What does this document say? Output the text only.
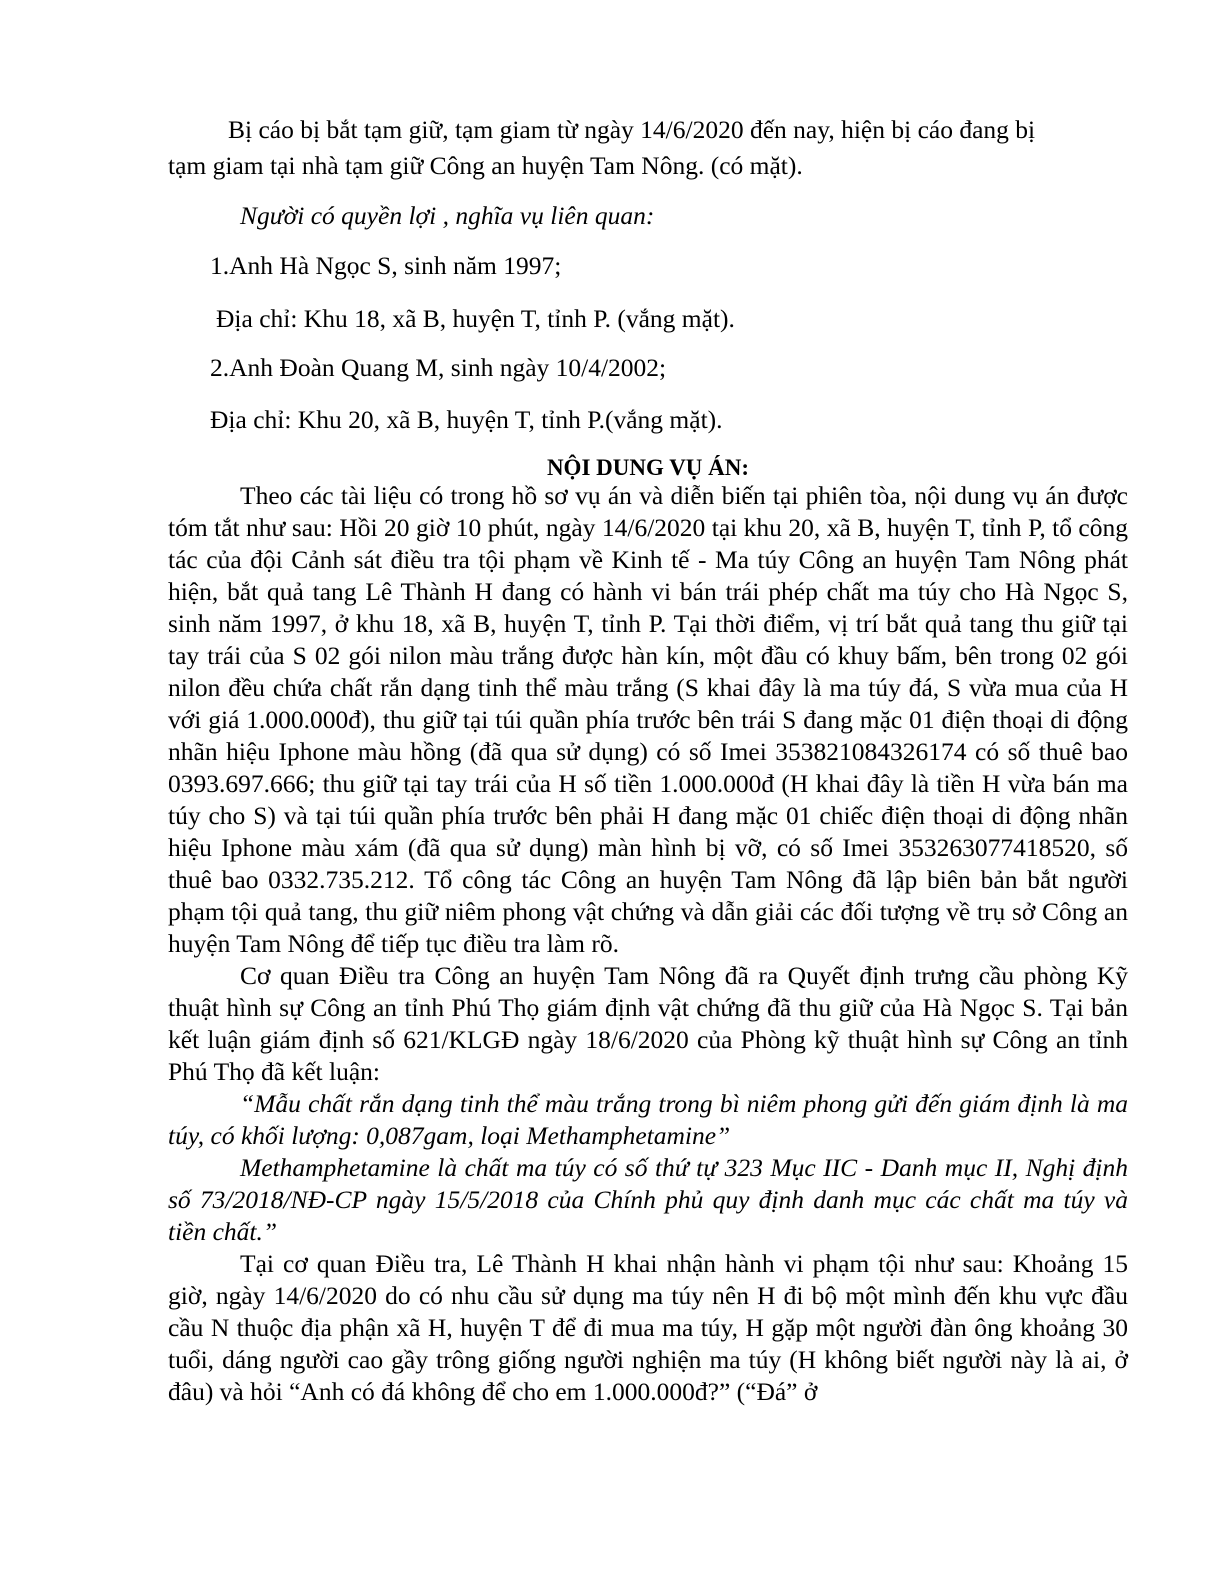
Bị cáo bị bắt tạm giữ, tạm giam từ ngày 14/6/2020 đến nay, hiện bị cáo đang bị
tạm giam tại nhà tạm giữ Công an huyện Tam Nông. (có mặt).
Người có quyền lợi , nghĩa vụ liên quan:
1.Anh Hà Ngọc S, sinh năm 1997;
Địa chỉ: Khu 18, xã B, huyện T, tỉnh P. (vắng mặt).
2.Anh Đoàn Quang M, sinh ngày 10/4/2002;
Địa chỉ: Khu 20, xã B, huyện T, tỉnh P.(vắng mặt).
NỘI DUNG VỤ ÁN:

Theo các tài liệu có trong hồ sơ vụ án và diễn biến tại phiên tòa, nội dung vụ án được tóm tắt như sau: Hồi 20 giờ 10 phút, ngày 14/6/2020 tại khu 20, xã B, huyện T, tỉnh P, tổ công tác của đội Cảnh sát điều tra tội phạm về Kinh tế - Ma túy Công an huyện Tam Nông phát hiện, bắt quả tang Lê Thành H đang có hành vi bán trái phép chất ma túy cho Hà Ngọc S, sinh năm 1997, ở khu 18, xã B, huyện T, tỉnh P. Tại thời điểm, vị trí bắt quả tang thu giữ tại tay trái của S 02 gói nilon màu trắng được hàn kín, một đầu có khuy bấm, bên trong 02 gói nilon đều chứa chất rắn dạng tinh thể màu trắng (S khai đây là ma túy đá, S vừa mua của H với giá 1.000.000đ), thu giữ tại túi quần phía trước bên trái S đang mặc 01 điện thoại di động nhãn hiệu Iphone màu hồng (đã qua sử dụng) có số Imei 353821084326174 có số thuê bao 0393.697.666; thu giữ tại tay trái của H số tiền 1.000.000đ (H khai đây là tiền H vừa bán ma túy cho S) và tại túi quần phía trước bên phải H đang mặc 01 chiếc điện thoại di động nhãn hiệu Iphone màu xám (đã qua sử dụng) màn hình bị vỡ, có số Imei 353263077418520, số thuê bao 0332.735.212. Tổ công tác Công an huyện Tam Nông đã lập biên bản bắt người phạm tội quả tang, thu giữ niêm phong vật chứng và dẫn giải các đối tượng về trụ sở Công an huyện Tam Nông để tiếp tục điều tra làm rõ.

Cơ quan Điều tra Công an huyện Tam Nông đã ra Quyết định trưng cầu phòng Kỹ thuật hình sự Công an tỉnh Phú Thọ giám định vật chứng đã thu giữ của Hà Ngọc S. Tại bản kết luận giám định số 621/KLGĐ ngày 18/6/2020 của Phòng kỹ thuật hình sự Công an tỉnh Phú Thọ đã kết luận:

“Mẫu chất rắn dạng tinh thể màu trắng trong bì niêm phong gửi đến giám định là ma túy, có khối lượng: 0,087gam, loại Methamphetamine”

Methamphetamine là chất ma túy có số thứ tự 323 Mục IIC - Danh mục II, Nghị định số 73/2018/NĐ-CP ngày 15/5/2018 của Chính phủ quy định danh mục các chất ma túy và tiền chất.”

Tại cơ quan Điều tra, Lê Thành H khai nhận hành vi phạm tội như sau: Khoảng 15 giờ, ngày 14/6/2020 do có nhu cầu sử dụng ma túy nên H đi bộ một mình đến khu vực đầu cầu N thuộc địa phận xã H, huyện T để đi mua ma túy, H gặp một người đàn ông khoảng 30 tuổi, dáng người cao gầy trông giống người nghiện ma túy (H không biết người này là ai, ở đâu) và hỏi “Anh có đá không để cho em 1.000.000đ?” (“Đá” ở
